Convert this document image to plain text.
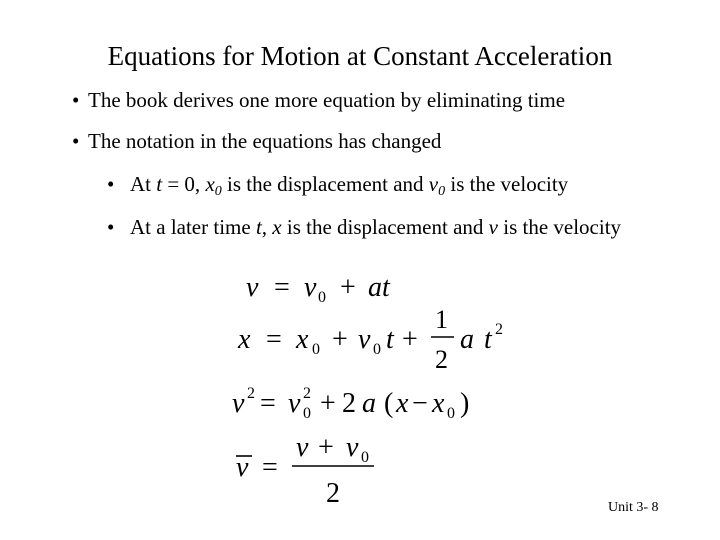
Equations for Motion at Constant Acceleration
• The book derives one more equation by eliminating time
• The notation in the equations has changed
• At t = 0, $x_0$ is the displacement and $v_0$ is the velocity
• At a later time t, x is the displacement and v is the velocity
v = v 0 + at
x = x 0 + v 0 t +
1
2
a t 2
v 2 = v 2
0 + 2 a ( x − x 0 )
v =
v + v 0
2	Unit 3- 8
